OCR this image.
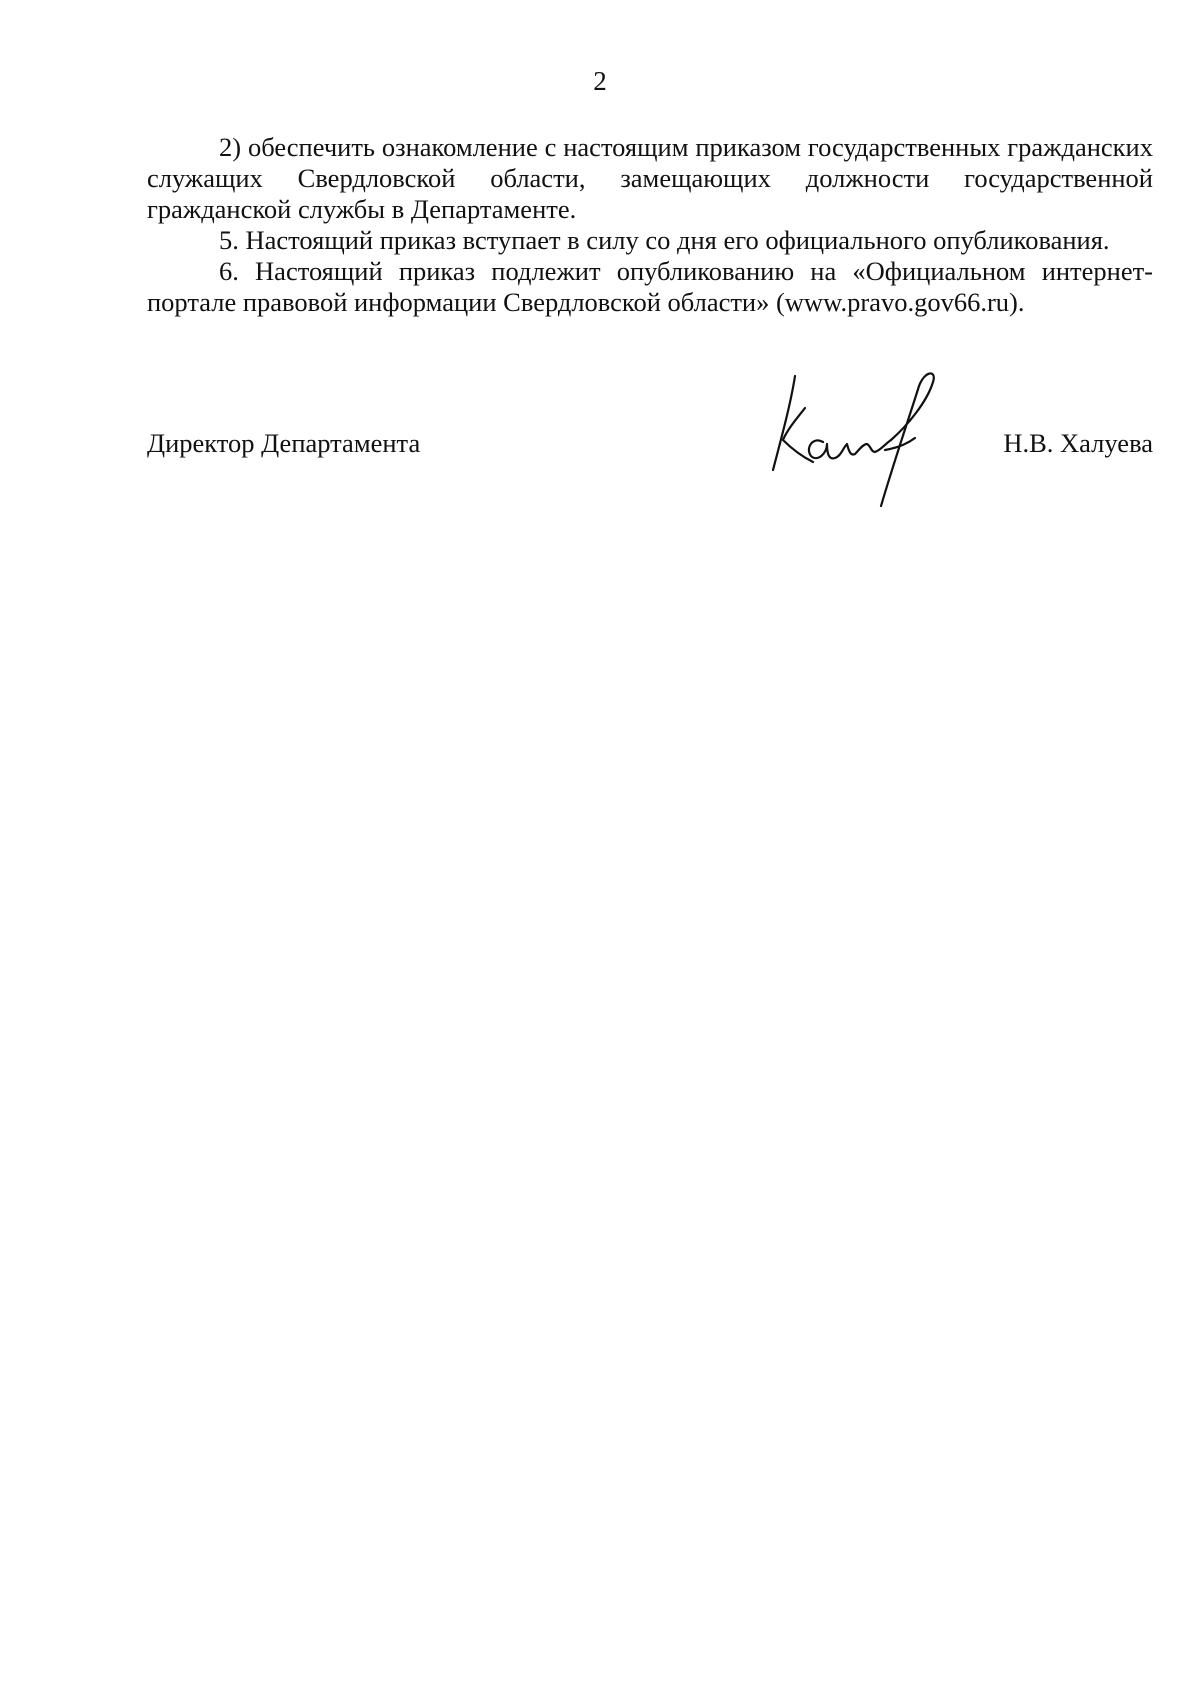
2

2) обеспечить ознакомление с настоящим приказом государственных гражданских служащих Свердловской области, замещающих должности государственной гражданской службы в Департаменте.

5. Настоящий приказ вступает в силу со дня его официального опубликования.

6. Настоящий приказ подлежит опубликованию на «Официальном интернет-портале правовой информации Свердловской области» (www.pravo.gov66.ru).

Директор Департамента	Н.В. Халуева
